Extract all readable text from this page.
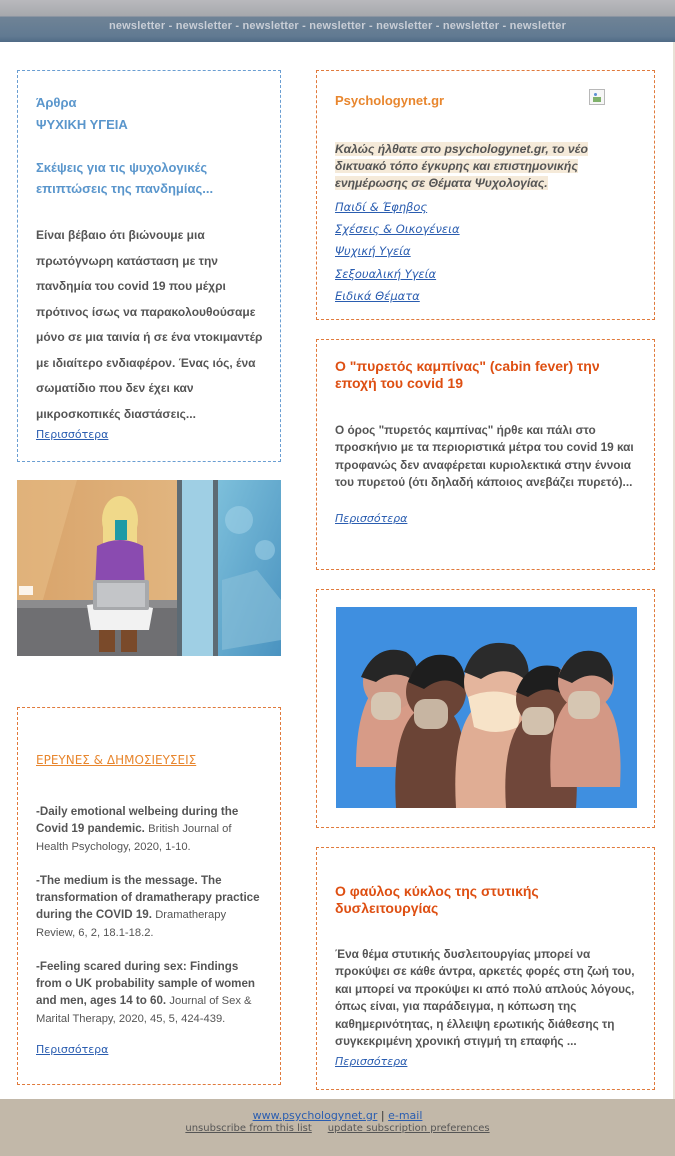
newsletter - newsletter - newsletter - newsletter - newsletter - newsletter - newsletter
Άρθρα
ΨΥΧΙΚΗ ΥΓΕΙΑ
Σκέψεις για τις ψυχολογικές επιπτώσεις της πανδημίας...
Είναι βέβαιο ότι βιώνουμε μια πρωτόγνωρη κατάσταση με την πανδημία του covid 19 που μέχρι πρότινος ίσως να παρακολουθούσαμε μόνο σε μια ταινία ή σε ένα ντοκιμαντέρ με ιδιαίτερο ενδιαφέρον. Ένας ιός, ένα σωματίδιο που δεν έχει καν μικροσκοπικές διαστάσεις...
Περισσότερα
ΕΡΕΥΝΕΣ & ΔΗΜΟΣΙΕΥΣΕΙΣ
-Daily emotional welbeing during the Covid 19 pandemic. British Journal of Health Psychology, 2020, 1-10.
-The medium is the message. The transformation of dramatherapy practice during the COVID 19. Dramatherapy Review, 6, 2, 18.1-18.2.
-Feeling scared during sex: Findings from o UK probability sample of women and men, ages 14 to 60. Journal of Sex & Marital Therapy, 2020, 45, 5, 424-439.
Περισσότερα
Psychologynet.gr
Καλώς ήλθατε στο psychologynet.gr, το νέο δικτυακό τόπο έγκυρης και επιστημονικής ενημέρωσης σε Θέματα Ψυχολογίας.
Παιδί & Έφηβος
Σχέσεις & Οικογένεια
Ψυχική Υγεία
Σεξουαλική Υγεία
Ειδικά Θέματα
Ο "πυρετός καμπίνας" (cabin fever) την εποχή του covid 19
Ο όρος "πυρετός καμπίνας" ήρθε και πάλι στο προσκήνιο με τα περιοριστικά μέτρα του covid 19 και προφανώς δεν αναφέρεται κυριολεκτικά στην έννοια του πυρετού (ότι δηλαδή κάποιος ανεβάζει πυρετό)...
Περισσότερα
Ο φαύλος κύκλος της στυτικής δυσλειτουργίας
Ένα θέμα στυτικής δυσλειτουργίας μπορεί να προκύψει σε κάθε άντρα, αρκετές φορές στη ζωή του, και μπορεί να προκύψει κι από πολύ απλούς λόγους, όπως είναι, για παράδειγμα, η κόπωση της καθημερινότητας, η έλλειψη ερωτικής διάθεσης τη συγκεκριμένη χρονική στιγμή τη επαφής ...
Περισσότερα
www.psychologynet.gr | e-mail
unsubscribe from this list update subscription preferences
